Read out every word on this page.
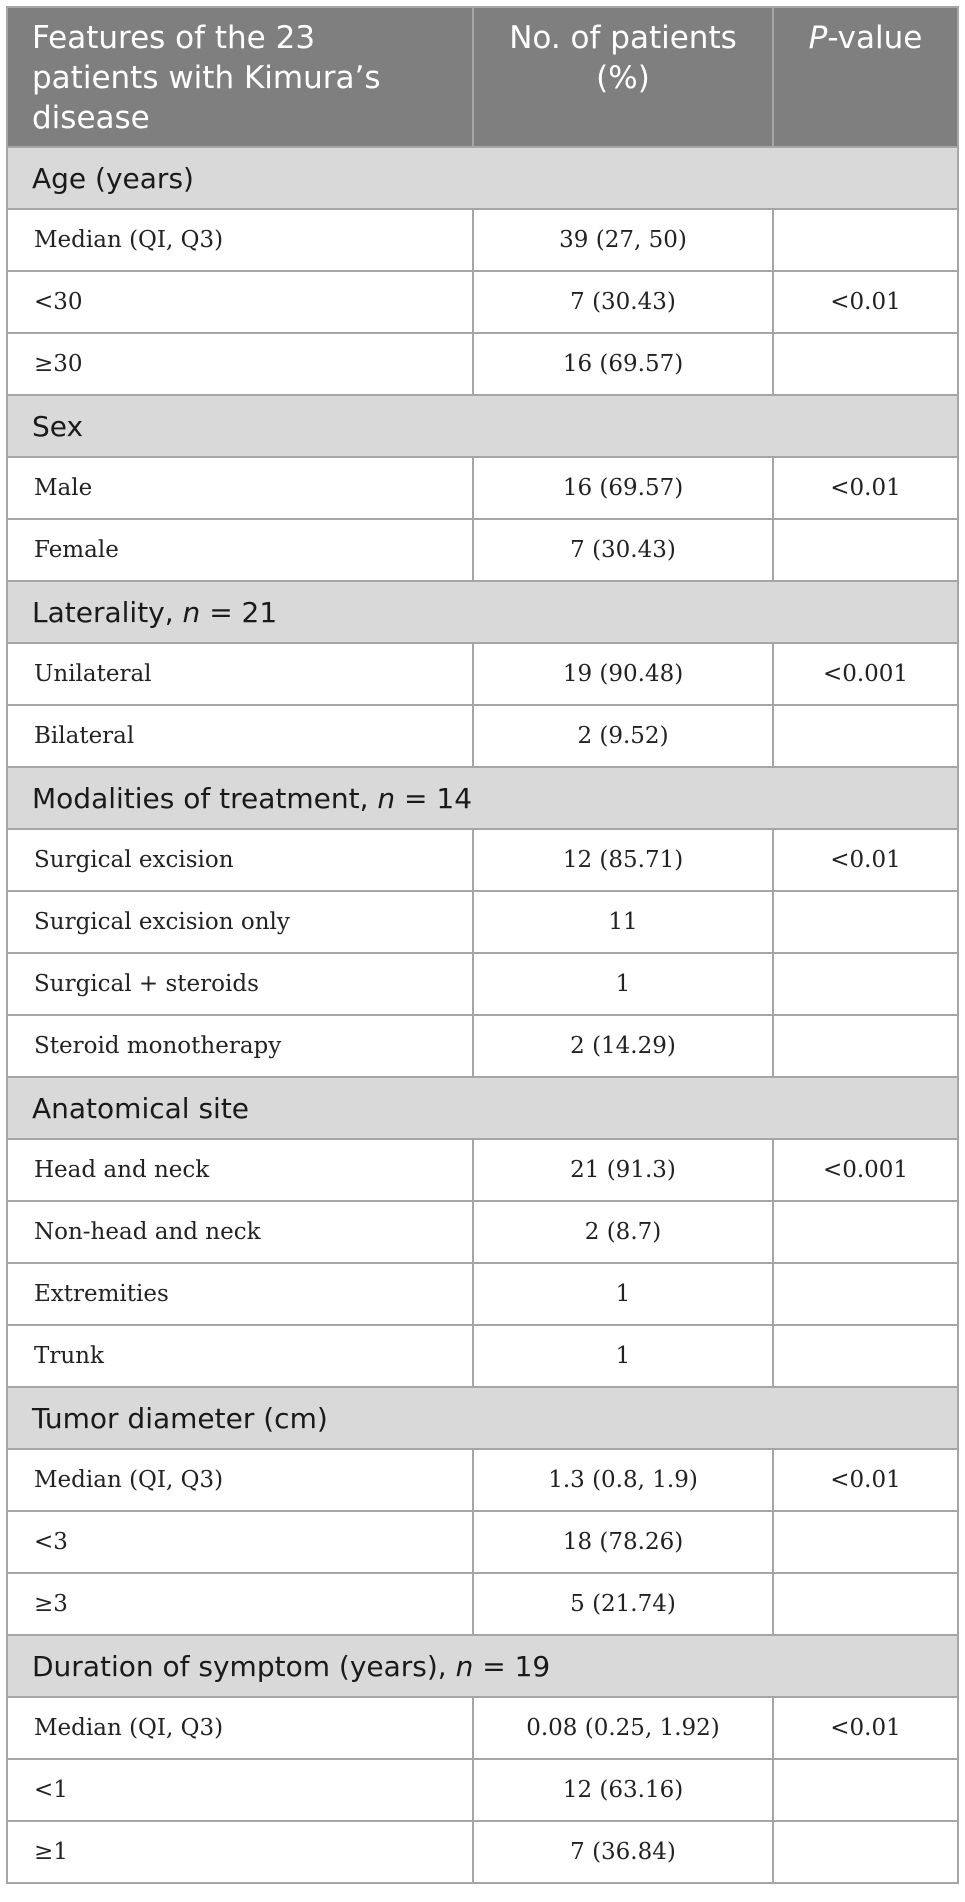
Features of the 23 patients with Kimura’s disease	No. of patients (%)	P-value
Age (years)		
Median (QI, Q3)	39 (27, 50)	
<30	7 (30.43)	<0.01
≥30	16 (69.57)	
Sex		
Male	16 (69.57)	<0.01
Female	7 (30.43)	
Laterality, n = 21		
Unilateral	19 (90.48)	<0.001
Bilateral	2 (9.52)	
Modalities of treatment, n = 14		
Surgical excision	12 (85.71)	<0.01
Surgical excision only	11	
Surgical + steroids	1	
Steroid monotherapy	2 (14.29)	
Anatomical site		
Head and neck	21 (91.3)	<0.001
Non-head and neck	2 (8.7)	
Extremities	1	
Trunk	1	
Tumor diameter (cm)		
Median (QI, Q3)	1.3 (0.8, 1.9)	<0.01
<3	18 (78.26)	
≥3	5 (21.74)	
Duration of symptom (years), n = 19		
Median (QI, Q3)	0.08 (0.25, 1.92)	<0.01
<1	12 (63.16)	
≥1	7 (36.84)	
